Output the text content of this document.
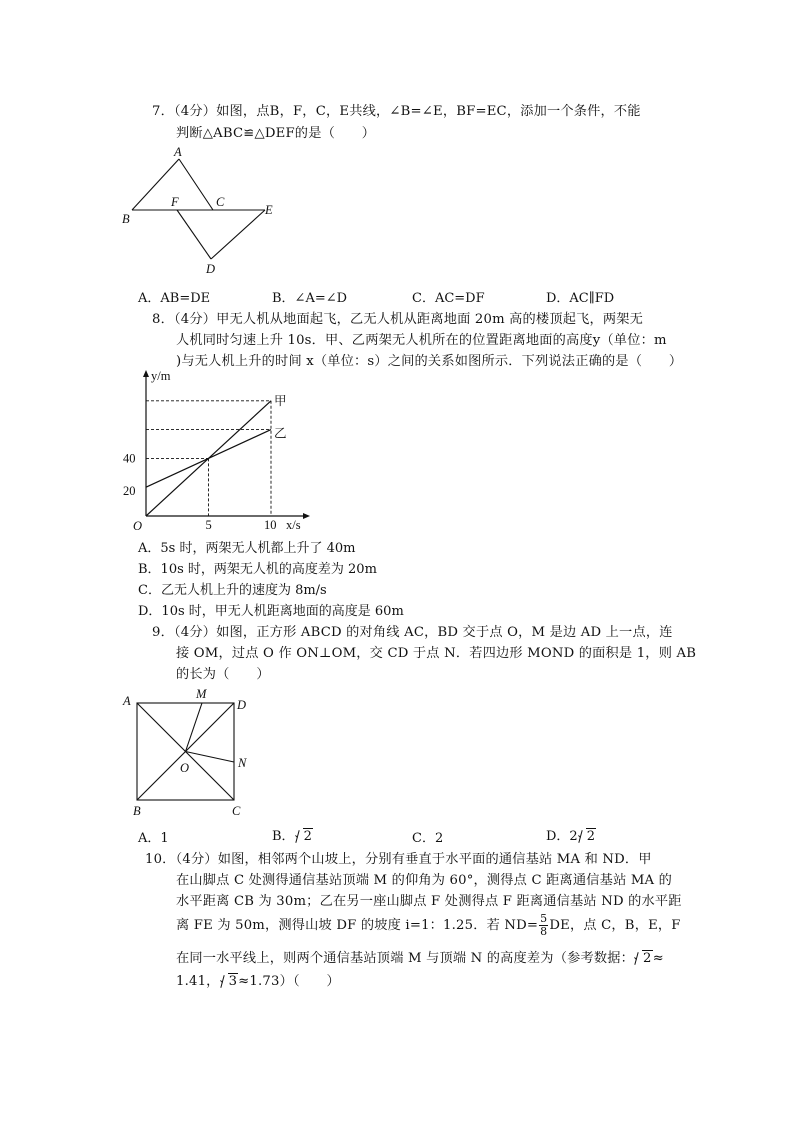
7．（4分）如图，点B，F，C，E共线，∠B=∠E，BF=EC，添加一个条件，不能
判断△ABC≌△DEF的是（　　）
A
B
F	C
E
D
A．AB=DE	B．∠A=∠D	C．AC=DF	D．AC∥FD
8．（4分）甲无人机从地面起飞，乙无人机从距离地面 20m 高的楼顶起飞，两架无
人机同时匀速上升 10s．甲、乙两架无人机所在的位置距离地面的高度y（单位：m
)与无人机上升的时间 x（单位：s）之间的关系如图所示．下列说法正确的是（　　）
甲
乙
y/m
x/s
O	5	10
20
40
A．5s 时，两架无人机都上升了 40m
B．10s 时，两架无人机的高度差为 20m
C．乙无人机上升的速度为 8m/s
D．10s 时，甲无人机距离地面的高度是 60m
9．（4分）如图，正方形 ABCD 的对角线 AC，BD 交于点 O，M 是边 AD 上一点，连
接 OM，过点 O 作 ON⊥OM，交 CD 于点 N．若四边形 MOND 的面积是 1，则 AB
的长为（　　）
A	M
D
O	N
B	C
A．1	B． 2	C．2	D．2 2
10．（4分）如图，相邻两个山坡上，分别有垂直于水平面的通信基站 MA 和 ND．甲
在山脚点 C 处测得通信基站顶端 M 的仰角为 60°，测得点 C 距离通信基站 MA 的
水平距离 CB 为 30m；乙在另一座山脚点 F 处测得点 F 距离通信基站 ND 的水平距
离 FE 为 50m，测得山坡 DF 的坡度 i=1：1.25．若 $ND= \frac{5}{8}$ DE，点 C，B，E，F
在同一水平线上，则两个通信基站顶端 M 与顶端 N 的高度差为（参考数据： 2≈
1.41， 3≈1.73）（　　）
